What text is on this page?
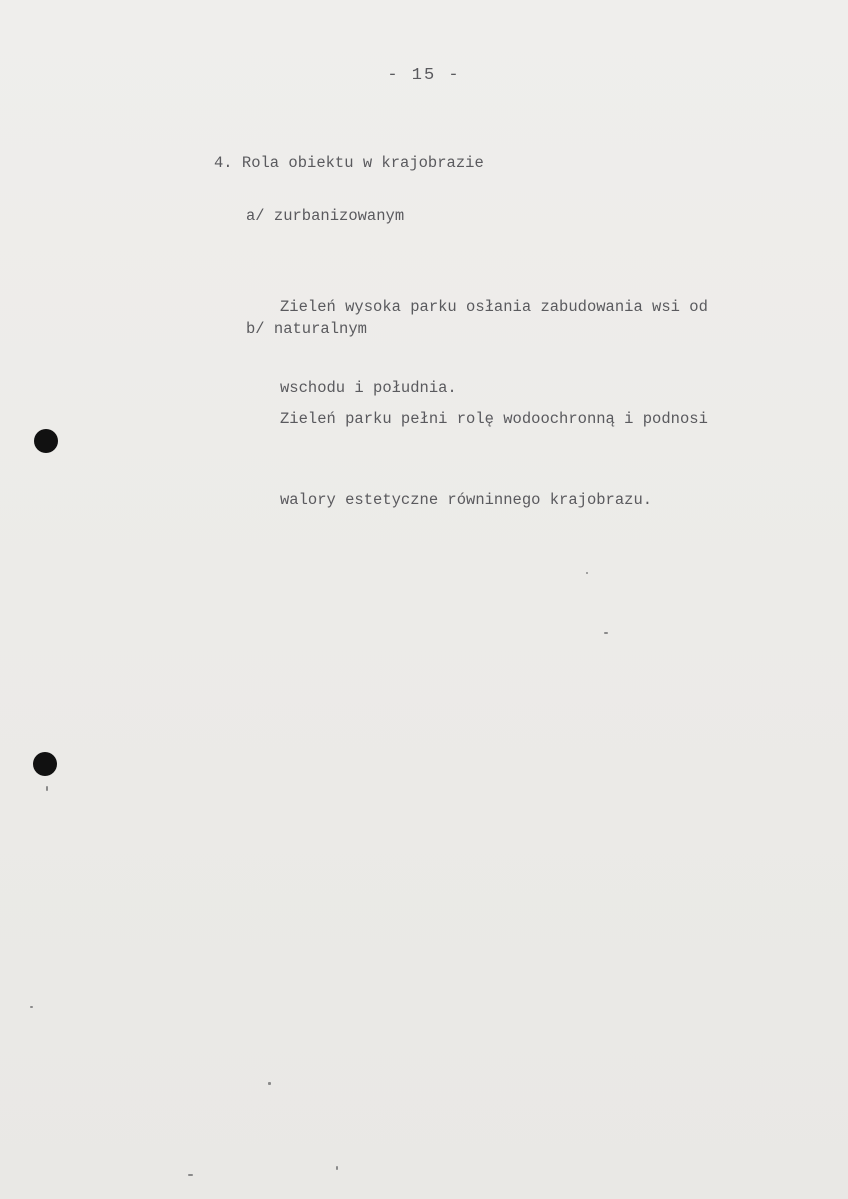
- 15 -
4. Rola obiektu w krajobrazie
a/ zurbanizowanym

Zieleń wysoka parku osłania zabudowania wsi od

wschodu i południa.

b/ naturalnym

Zieleń parku pełni rolę wodoochronną i podnosi

walory estetyczne równinnego krajobrazu.
